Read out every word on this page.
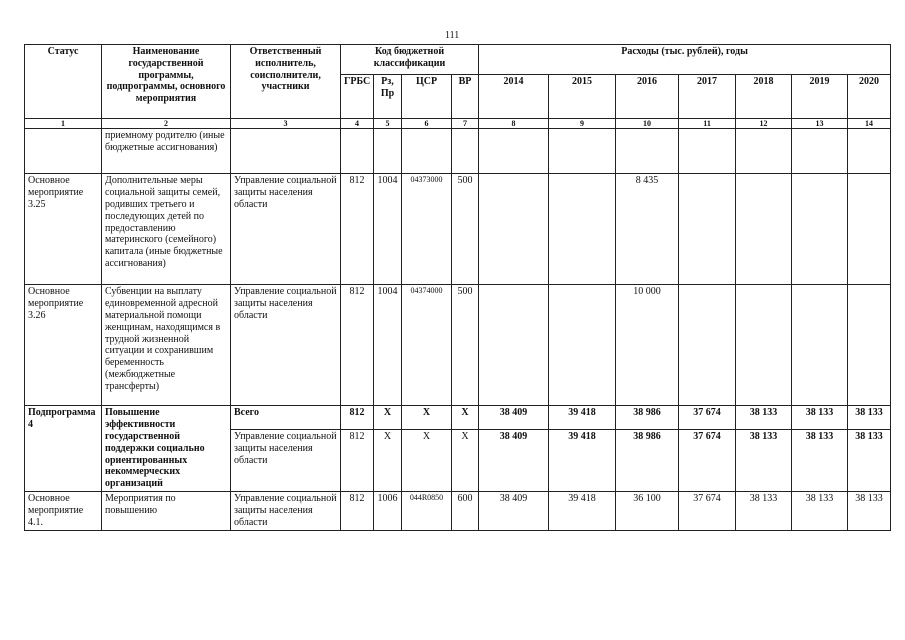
111
Статус	Наименование государственной программы, подпрограммы, основного мероприятия	Ответственный исполнитель, соисполнители, участники	Код бюджетной классификации				Расходы (тыс. рублей), годы						
			ГРБС	Рз, Пр	ЦСР	ВР	2014	2015	2016	2017	2018	2019	2020
1	2	3	4	5	6	7	8	9	10	11	12	13	14
	приемному родителю (иные бюджетные ассигнования)												
Основное мероприятие 3.25	Дополнительные меры социальной защиты семей, родивших третьего и последующих детей по предоставлению материнского (семейного) капитала (иные бюджетные ассигнования)	Управление социальной защиты населения области	812	1004	04373000	500			8 435				
Основное мероприятие 3.26	Субвенции на выплату единовременной адресной материальной помощи женщинам, находящимся в трудной жизненной ситуации и сохранившим беременность (межбюджетные трансферты)	Управление социальной защиты населения области	812	1004	04374000	500			10 000				
Подпрограмма 4	Повышение эффективности государственной поддержки социально ориентированных некоммерческих организаций	Всего	812	Х	Х	Х	38 409	39 418	38 986	37 674	38 133	38 133	38 133
		Управление социальной защиты населения области	812	Х	Х	Х	38 409	39 418	38 986	37 674	38 133	38 133	38 133
Основное мероприятие 4.1.	Мероприятия по повышению	Управление социальной защиты населения области	812	1006	044R0850	600	38 409	39 418	36 100	37 674	38 133	38 133	38 133
